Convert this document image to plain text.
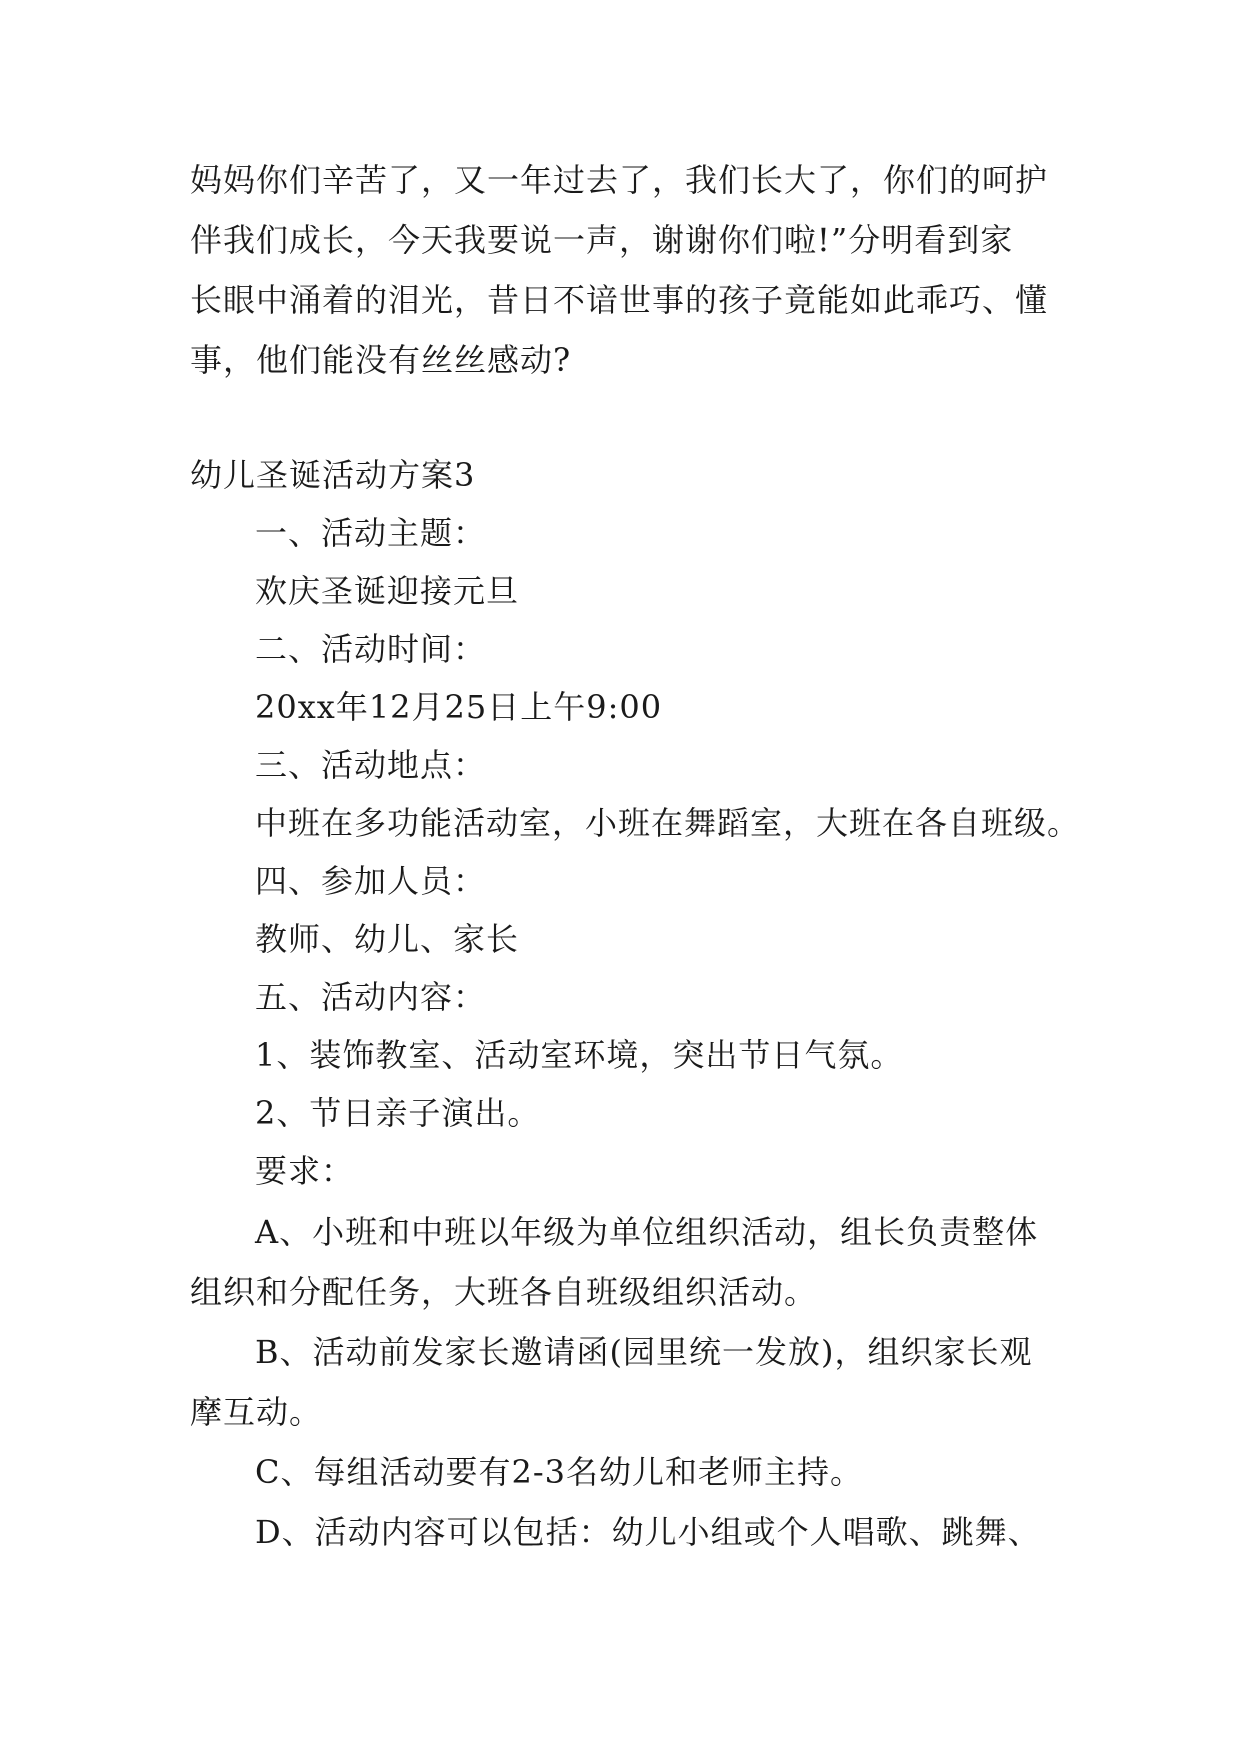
妈妈你们辛苦了，又一年过去了，我们长大了，你们的呵护
伴我们成长，今天我要说一声，谢谢你们啦!”分明看到家
长眼中涌着的泪光，昔日不谙世事的孩子竟能如此乖巧、懂
事，他们能没有丝丝感动?
幼儿圣诞活动方案3
一、活动主题：
欢庆圣诞迎接元旦
二、活动时间：
20xx年12月25日上午9:00
三、活动地点：
中班在多功能活动室，小班在舞蹈室，大班在各自班级。
四、参加人员：
教师、幼儿、家长
五、活动内容：
1、装饰教室、活动室环境，突出节日气氛。
2、节日亲子演出。
要求：
A、小班和中班以年级为单位组织活动，组长负责整体
组织和分配任务，大班各自班级组织活动。
B、活动前发家长邀请函(园里统一发放)，组织家长观
摩互动。
C、每组活动要有2-3名幼儿和老师主持。
D、活动内容可以包括：幼儿小组或个人唱歌、跳舞、
